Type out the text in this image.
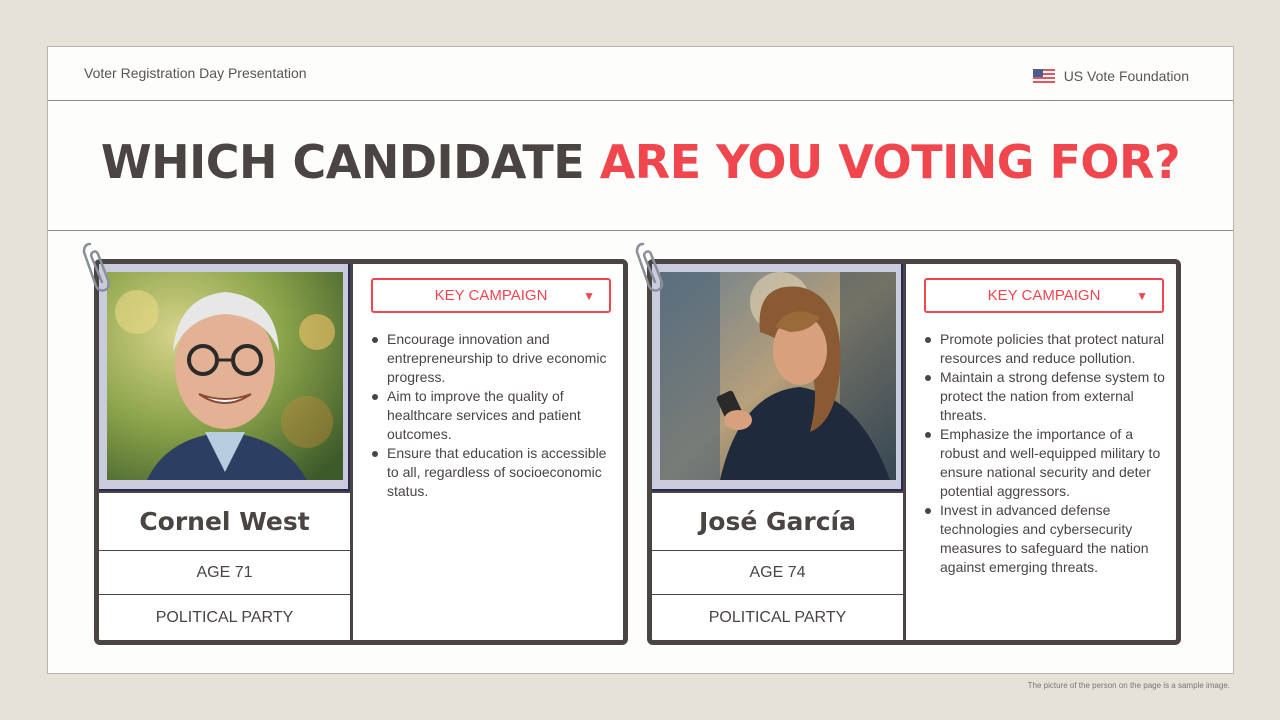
Voter Registration Day Presentation	US Vote Foundation
WHICH CANDIDATE ARE YOU VOTING FOR?
Cornel West
AGE 71
POLITICAL PARTY
KEY CAMPAIGN	▼
Encourage innovation and entrepreneurship to drive economic progress.
Aim to improve the quality of healthcare services and patient outcomes.
Ensure that education is accessible to all, regardless of socioeconomic status.
José García
AGE 74
POLITICAL PARTY
KEY CAMPAIGN	▼
Promote policies that protect natural resources and reduce pollution.
Maintain a strong defense system to protect the nation from external threats.
Emphasize the importance of a robust and well-equipped military to ensure national security and deter potential aggressors.
Invest in advanced defense technologies and cybersecurity measures to safeguard the nation against emerging threats.
The picture of the person on the page is a sample image.
